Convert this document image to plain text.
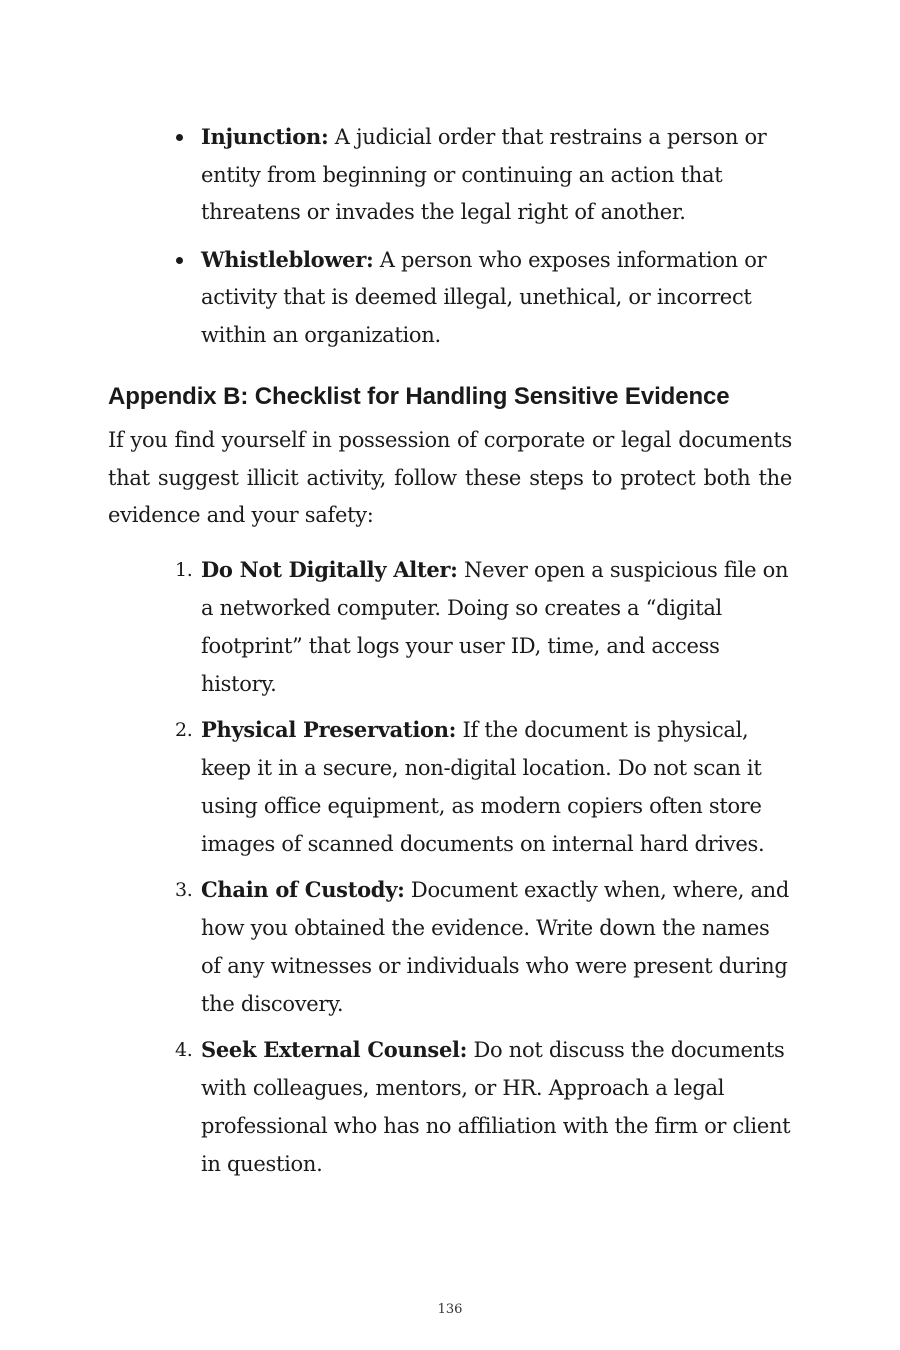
Injunction: A judicial order that restrains a person or entity from beginning or continuing an action that threatens or invades the legal right of another.
Whistleblower: A person who exposes information or activity that is deemed illegal, unethical, or incorrect within an organization.
Appendix B: Checklist for Handling Sensitive Evidence

If you find yourself in possession of corporate or legal documents that suggest illicit activity, follow these steps to protect both the evidence and your safety:

1. Do Not Digitally Alter: Never open a suspicious file on a networked computer. Doing so creates a “digital footprint” that logs your user ID, time, and access history.
2. Physical Preservation: If the document is physical, keep it in a secure, non-digital location. Do not scan it using office equipment, as modern copiers often store images of scanned documents on internal hard drives.
3. Chain of Custody: Document exactly when, where, and how you obtained the evidence. Write down the names of any witnesses or individuals who were present during the discovery.
4. Seek External Counsel: Do not discuss the documents with colleagues, mentors, or HR. Approach a legal professional who has no affiliation with the firm or client in question.
136
